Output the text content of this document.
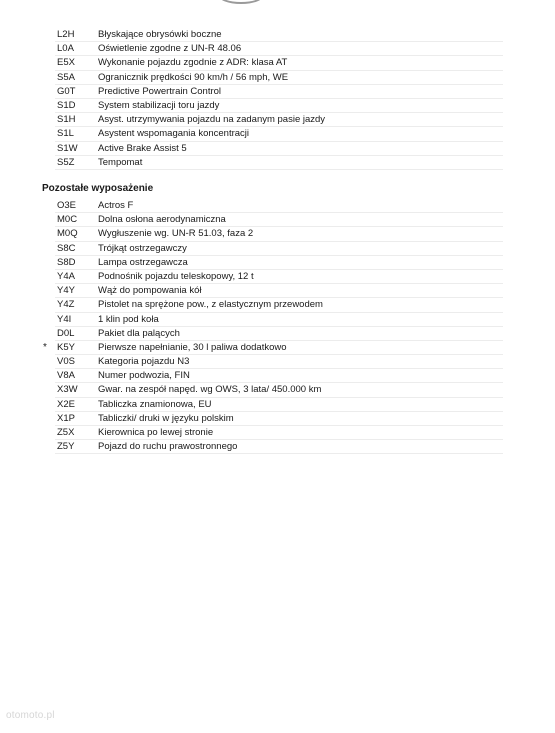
L2H	Błyskające obrysówki boczne
L0A	Oświetlenie zgodne z UN-R 48.06
E5X	Wykonanie pojazdu zgodnie z ADR: klasa AT
S5A	Ogranicznik prędkości 90 km/h / 56 mph, WE
G0T	Predictive Powertrain Control
S1D	System stabilizacji toru jazdy
S1H	Asyst. utrzymywania pojazdu na zadanym pasie jazdy
S1L	Asystent wspomagania koncentracji
S1W	Active Brake Assist 5
S5Z	Tempomat
Pozostałe wyposażenie
O3E	Actros F
M0C	Dolna osłona aerodynamiczna
M0Q	Wygłuszenie wg. UN-R 51.03, faza 2
S8C	Trójkąt ostrzegawczy
S8D	Lampa ostrzegawcza
Y4A	Podnośnik pojazdu teleskopowy, 12 t
Y4Y	Wąż do pompowania kół
Y4Z	Pistolet na sprężone pow., z elastycznym przewodem
Y4I	1 klin pod koła
D0L	Pakiet dla palących
*	K5Y	Pierwsze napełnianie, 30 l paliwa dodatkowo
V0S	Kategoria pojazdu N3
V8A	Numer podwozia, FIN
X3W	Gwar. na zespół napęd. wg OWS, 3 lata/ 450.000 km
X2E	Tabliczka znamionowa, EU
X1P	Tabliczki/ druki w języku polskim
Z5X	Kierownica po lewej stronie
Z5Y	Pojazd do ruchu prawostronnego
otomoto.pl
